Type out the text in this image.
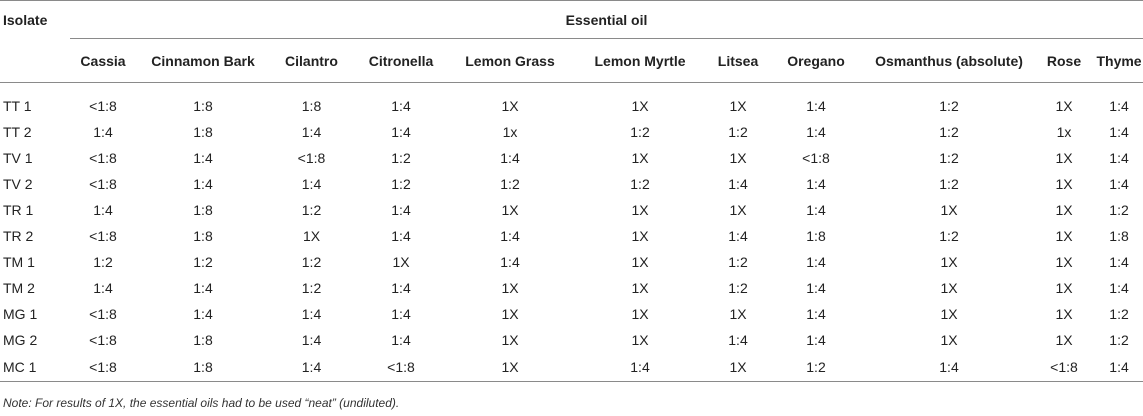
Isolate	Essential oil										
	Cassia	Cinnamon Bark	Cilantro	Citronella	Lemon Grass	Lemon Myrtle	Litsea	Oregano	Osmanthus (absolute)	Rose	Thyme
TT 1	<1:8	1:8	1:8	1:4	1X	1X	1X	1:4	1:2	1X	1:4
TT 2	1:4	1:8	1:4	1:4	1x	1:2	1:2	1:4	1:2	1x	1:4
TV 1	<1:8	1:4	<1:8	1:2	1:4	1X	1X	<1:8	1:2	1X	1:4
TV 2	<1:8	1:4	1:4	1:2	1:2	1:2	1:4	1:4	1:2	1X	1:4
TR 1	1:4	1:8	1:2	1:4	1X	1X	1X	1:4	1X	1X	1:2
TR 2	<1:8	1:8	1X	1:4	1:4	1X	1:4	1:8	1:2	1X	1:8
TM 1	1:2	1:2	1:2	1X	1:4	1X	1:2	1:4	1X	1X	1:4
TM 2	1:4	1:4	1:2	1:4	1X	1X	1:2	1:4	1X	1X	1:4
MG 1	<1:8	1:4	1:4	1:4	1X	1X	1X	1:4	1X	1X	1:2
MG 2	<1:8	1:8	1:4	1:4	1X	1X	1:4	1:4	1X	1X	1:2
MC 1	<1:8	1:8	1:4	<1:8	1X	1:4	1X	1:2	1:4	<1:8	1:4

Note: For results of 1X, the essential oils had to be used “neat” (undiluted).
